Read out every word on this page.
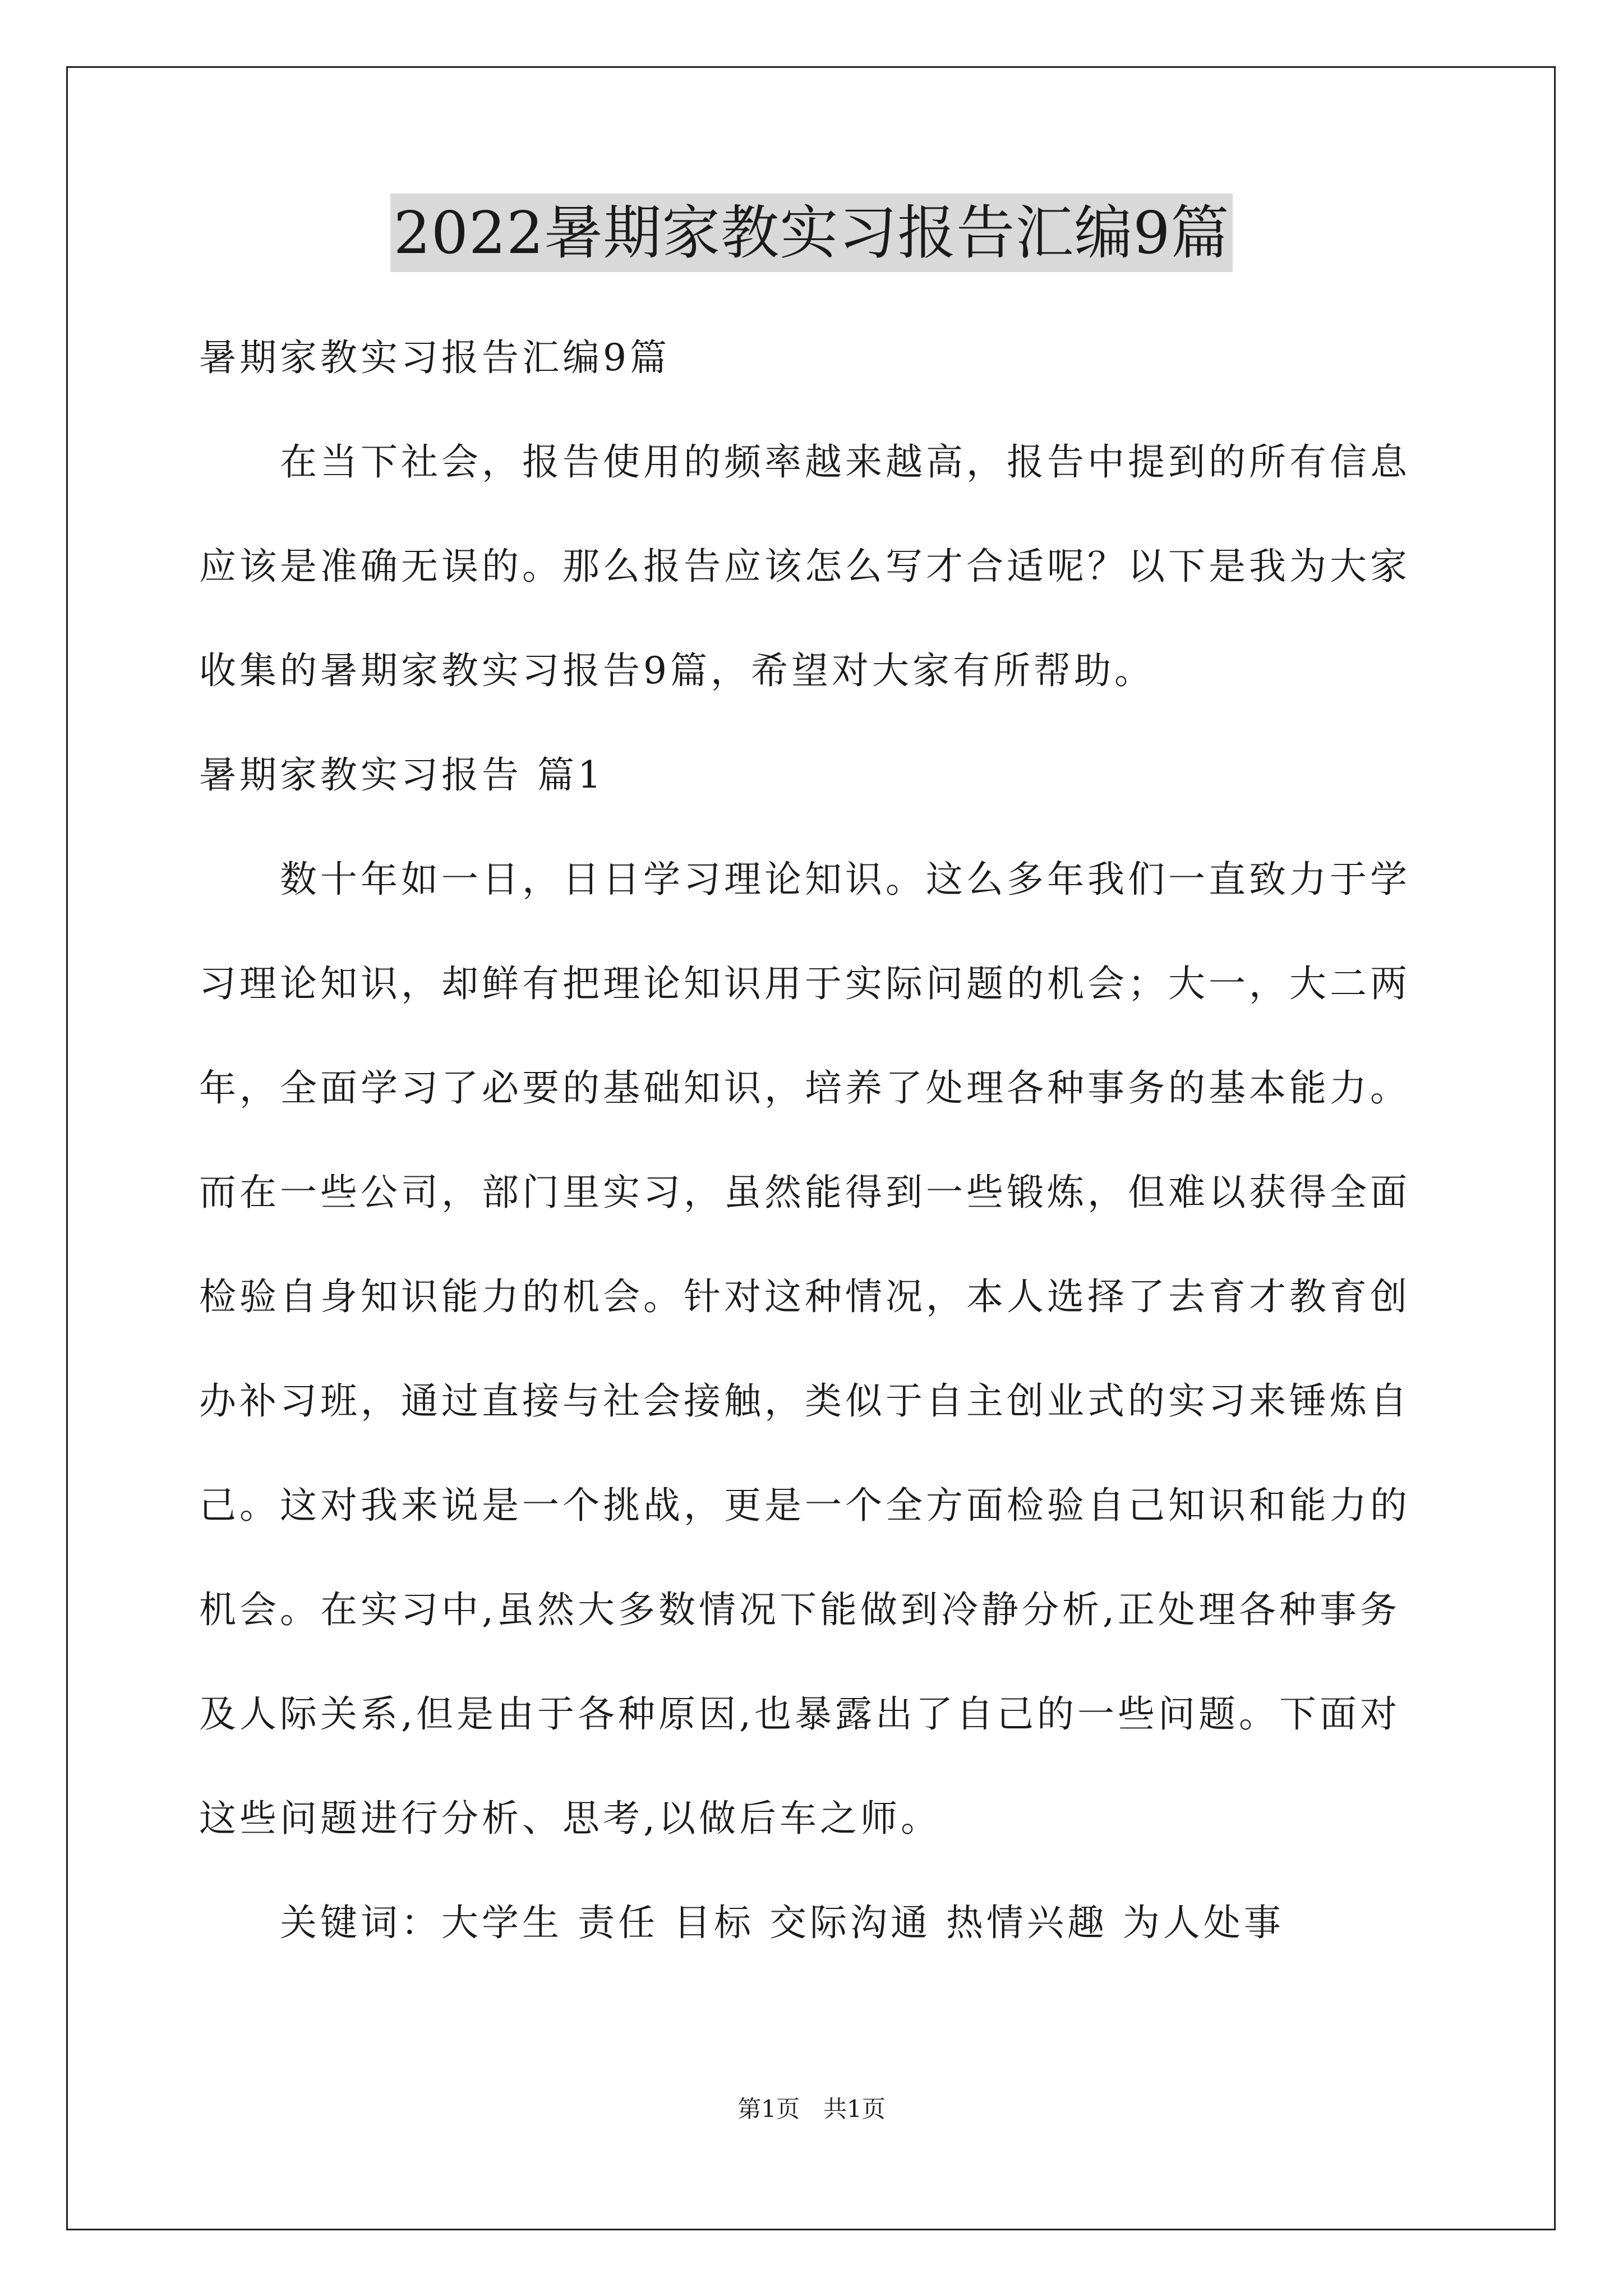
2022暑期家教实习报告汇编9篇
暑期家教实习报告汇编9篇
在当下社会，报告使用的频率越来越高，报告中提到的所有信息
应该是准确无误的。那么报告应该怎么写才合适呢？以下是我为大家
收集的暑期家教实习报告9篇，希望对大家有所帮助。
暑期家教实习报告 篇1
数十年如一日，日日学习理论知识。这么多年我们一直致力于学
习理论知识，却鲜有把理论知识用于实际问题的机会；大一，大二两
年，全面学习了必要的基础知识，培养了处理各种事务的基本能力。
而在一些公司，部门里实习，虽然能得到一些锻炼，但难以获得全面
检验自身知识能力的机会。针对这种情况，本人选择了去育才教育创
办补习班，通过直接与社会接触，类似于自主创业式的实习来锤炼自
己。这对我来说是一个挑战，更是一个全方面检验自己知识和能力的
机会。在实习中,虽然大多数情况下能做到冷静分析,正处理各种事务
及人际关系,但是由于各种原因,也暴露出了自己的一些问题。下面对
这些问题进行分析、思考,以做后车之师。
关键词：大学生 责任 目标 交际沟通 热情兴趣 为人处事
第1页　共1页
